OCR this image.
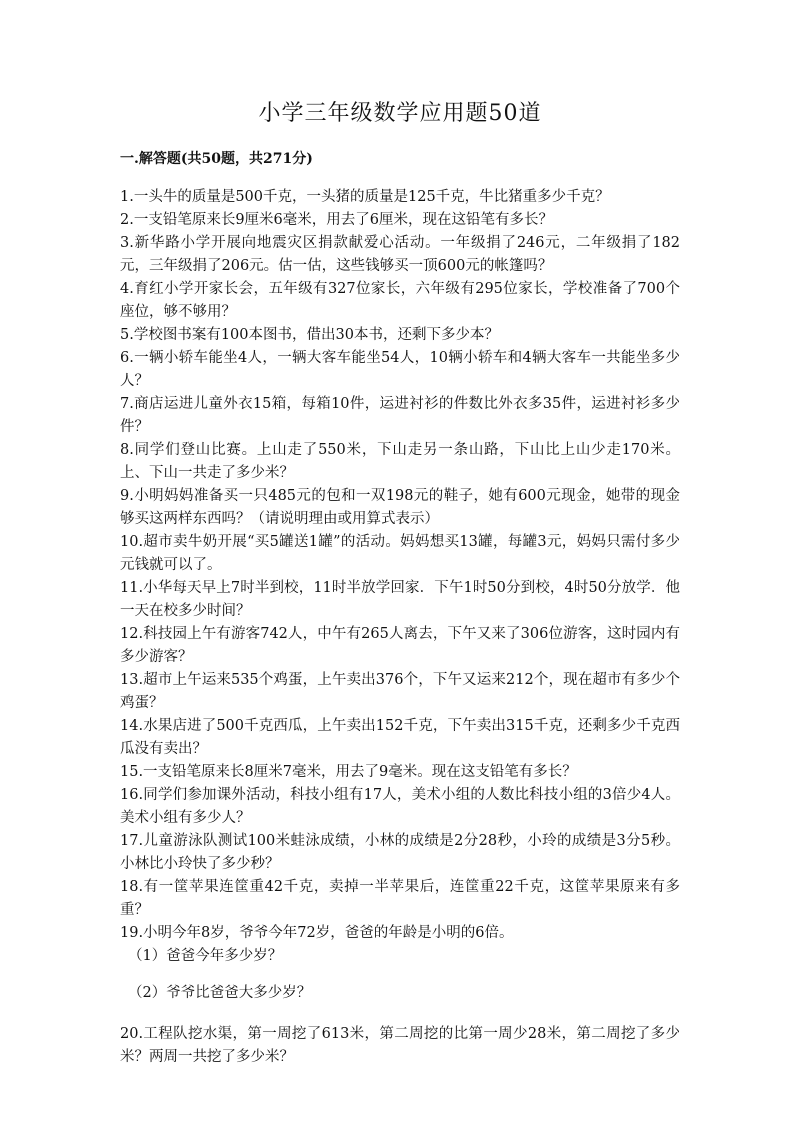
小学三年级数学应用题50道
一.解答题(共50题，共271分)

1.一头牛的质量是500千克，一头猪的质量是125千克，牛比猪重多少千克？

2.一支铅笔原来长9厘米6毫米，用去了6厘米，现在这铅笔有多长？

3.新华路小学开展向地震灾区捐款献爱心活动。一年级捐了246元，二年级捐了182元，三年级捐了206元。估一估，这些钱够买一顶600元的帐篷吗？

4.育红小学开家长会，五年级有327位家长，六年级有295位家长，学校准备了700个座位，够不够用？

5.学校图书案有100本图书，借出30本书，还剩下多少本？

6.一辆小轿车能坐4人，一辆大客车能坐54人，10辆小轿车和4辆大客车一共能坐多少人？

7.商店运进儿童外衣15箱，每箱10件，运进衬衫的件数比外衣多35件，运进衬衫多少件？

8.同学们登山比赛。上山走了550米，下山走另一条山路，下山比上山少走170米。上、下山一共走了多少米？

9.小明妈妈准备买一只485元的包和一双198元的鞋子，她有600元现金，她带的现金够买这两样东西吗？（请说明理由或用算式表示）

10.超市卖牛奶开展“买5罐送1罐”的活动。妈妈想买13罐，每罐3元，妈妈只需付多少元钱就可以了。

11.小华每天早上7时半到校，11时半放学回家．下午1时50分到校，4时50分放学．他一天在校多少时间？

12.科技园上午有游客742人，中午有265人离去，下午又来了306位游客，这时园内有多少游客？

13.超市上午运来535个鸡蛋，上午卖出376个，下午又运来212个，现在超市有多少个鸡蛋？

14.水果店进了500千克西瓜，上午卖出152千克，下午卖出315千克，还剩多少千克西瓜没有卖出？

15.一支铅笔原来长8厘米7毫米，用去了9毫米。现在这支铅笔有多长？

16.同学们参加课外活动，科技小组有17人，美术小组的人数比科技小组的3倍少4人。美术小组有多少人？

17.儿童游泳队测试100米蛙泳成绩，小林的成绩是2分28秒，小玲的成绩是3分5秒。小林比小玲快了多少秒？

18.有一筐苹果连筐重42千克，卖掉一半苹果后，连筐重22千克，这筐苹果原来有多重？

19.小明今年8岁，爷爷今年72岁，爸爸的年龄是小明的6倍。

（1）爸爸今年多少岁？

（2）爷爷比爸爸大多少岁？

20.工程队挖水渠，第一周挖了613米，第二周挖的比第一周少28米，第二周挖了多少米？两周一共挖了多少米？
